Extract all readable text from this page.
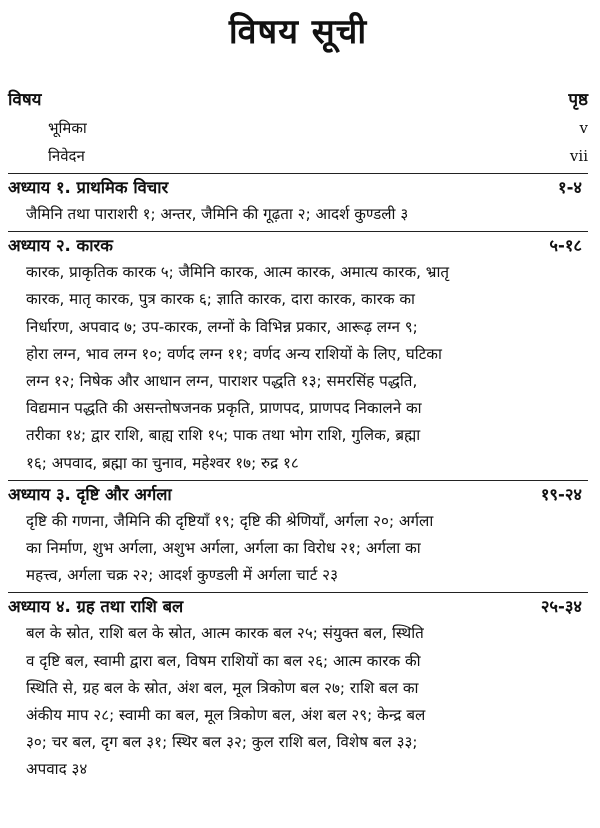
विषय सूची
विषय	पृष्ठ
भूमिका	v
निवेदन	vii
अध्याय १. प्राथमिक विचार	१-४
जैमिनि तथा पाराशरी १; अन्तर, जैमिनि की गूढ़ता २; आदर्श कुण्डली ३
अध्याय २. कारक	५-१८
कारक, प्राकृतिक कारक ५; जैमिनि कारक, आत्म कारक, अमात्य कारक, भ्रातृ
कारक, मातृ कारक, पुत्र कारक ६; ज्ञाति कारक, दारा कारक, कारक का
निर्धारण, अपवाद ७; उप-कारक, लग्नों के विभिन्न प्रकार, आरूढ़ लग्न ९;
होरा लग्न, भाव लग्न १०; वर्णद लग्न ११; वर्णद अन्य राशियों के लिए, घटिका
लग्न १२; निषेक और आधान लग्न, पाराशर पद्धति १३; समरसिंह पद्धति,
विद्यमान पद्धति की असन्तोषजनक प्रकृति, प्राणपद, प्राणपद निकालने का
तरीका १४; द्वार राशि, बाह्य राशि १५; पाक तथा भोग राशि, गुलिक, ब्रह्मा
१६; अपवाद, ब्रह्मा का चुनाव, महेश्वर १७; रुद्र १८
अध्याय ३. दृष्टि और अर्गला	१९-२४
दृष्टि की गणना, जैमिनि की दृष्टियाँ १९; दृष्टि की श्रेणियाँ, अर्गला २०; अर्गला
का निर्माण, शुभ अर्गला, अशुभ अर्गला, अर्गला का विरोध २१; अर्गला का
महत्त्व, अर्गला चक्र २२; आदर्श कुण्डली में अर्गला चार्ट २३
अध्याय ४. ग्रह तथा राशि बल	२५-३४
बल के स्रोत, राशि बल के स्रोत, आत्म कारक बल २५; संयुक्त बल, स्थिति
व दृष्टि बल, स्वामी द्वारा बल, विषम राशियों का बल २६; आत्म कारक की
स्थिति से, ग्रह बल के स्रोत, अंश बल, मूल त्रिकोण बल २७; राशि बल का
अंकीय माप २८; स्वामी का बल, मूल त्रिकोण बल, अंश बल २९; केन्द्र बल
३०; चर बल, दृग बल ३१; स्थिर बल ३२; कुल राशि बल, विशेष बल ३३;
अपवाद ३४
